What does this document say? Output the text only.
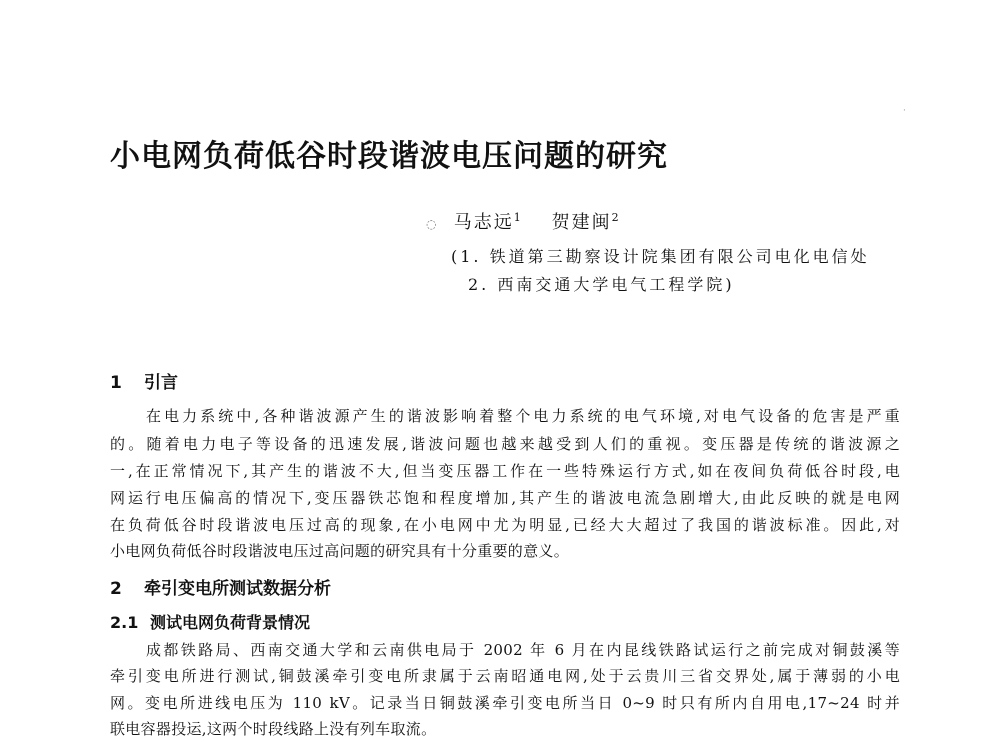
小电网负荷低谷时段谐波电压问题的研究
◌ 马志远$^1$ 贺建闽$^2$
(1. 铁道第三勘察设计院集团有限公司电化电信处
2. 西南交通大学电气工程学院)
1 引言
在电力系统中,各种谐波源产生的谐波影响着整个电力系统的电气环境,对电气设备的危害是严重
的。随着电力电子等设备的迅速发展,谐波问题也越来越受到人们的重视。变压器是传统的谐波源之
一,在正常情况下,其产生的谐波不大,但当变压器工作在一些特殊运行方式,如在夜间负荷低谷时段,电
网运行电压偏高的情况下,变压器铁芯饱和程度增加,其产生的谐波电流急剧增大,由此反映的就是电网
在负荷低谷时段谐波电压过高的现象,在小电网中尤为明显,已经大大超过了我国的谐波标准。因此,对
小电网负荷低谷时段谐波电压过高问题的研究具有十分重要的意义。
2 牵引变电所测试数据分析
2.1 测试电网负荷背景情况
成都铁路局、西南交通大学和云南供电局于 2002 年 6 月在内昆线铁路试运行之前完成对铜鼓溪等
牵引变电所进行测试,铜鼓溪牵引变电所隶属于云南昭通电网,处于云贵川三省交界处,属于薄弱的小电
网。变电所进线电压为 110 kV。记录当日铜鼓溪牵引变电所当日 0~9 时只有所内自用电,17~24 时并
联电容器投运,这两个时段线路上没有列车取流。
·
